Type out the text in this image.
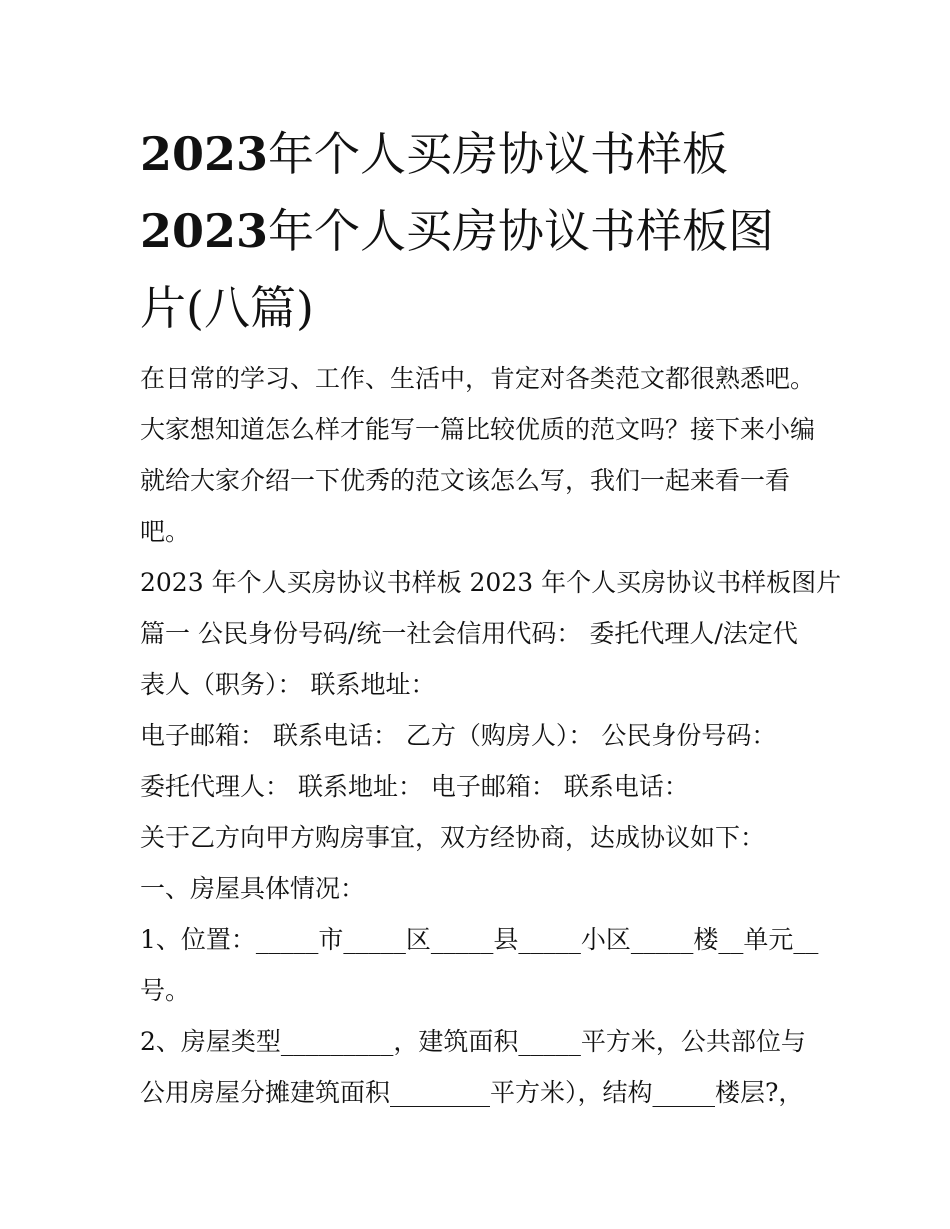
2023年个人买房协议书样板
2023年个人买房协议书样板图
片(八篇)
在日常的学习、工作、生活中，肯定对各类范文都很熟悉吧。
大家想知道怎么样才能写一篇比较优质的范文吗？接下来小编
就给大家介绍一下优秀的范文该怎么写，我们一起来看一看
吧。
2023 年个人买房协议书样板 2023 年个人买房协议书样板图片
篇一 公民身份号码/统一社会信用代码： 委托代理人/法定代
表人（职务）： 联系地址：
电子邮箱： 联系电话： 乙方（购房人）： 公民身份号码：
委托代理人： 联系地址： 电子邮箱： 联系电话：
关于乙方向甲方购房事宜，双方经协商，达成协议如下：
一、房屋具体情况：
1、位置：_____市_____区_____县_____小区_____楼__单元__
号。
2、房屋类型_________，建筑面积_____平方米，公共部位与
公用房屋分摊建筑面积________平方米），结构_____楼层?，
